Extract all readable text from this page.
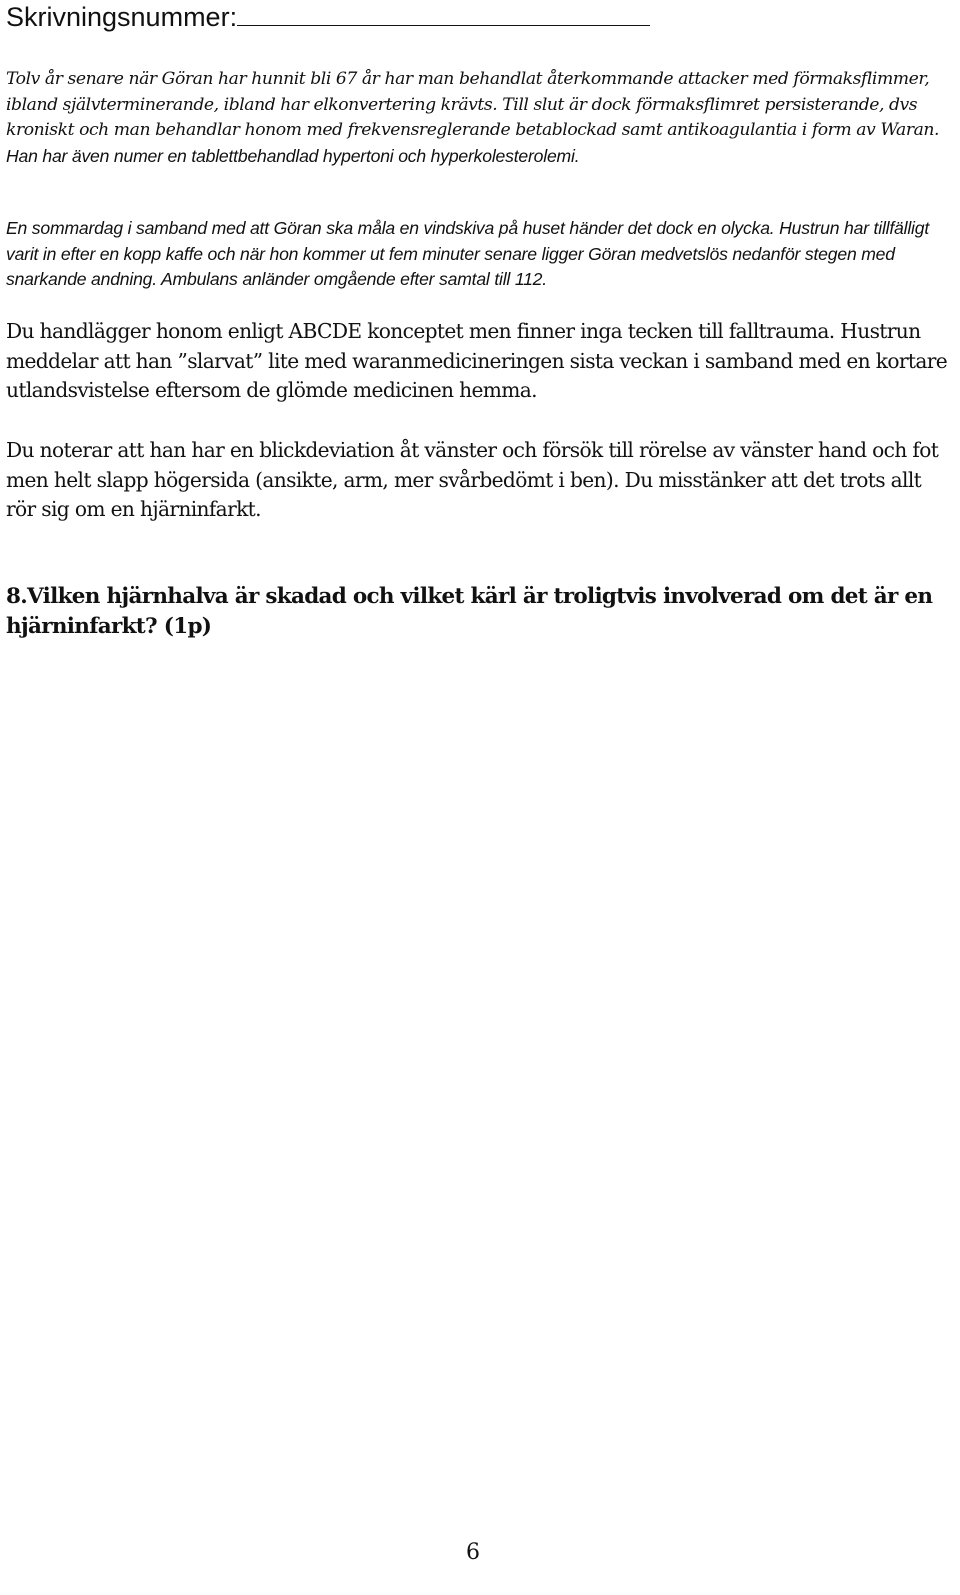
Skrivningsnummer:

Tolv år senare när Göran har hunnit bli 67 år har man behandlat återkommande attacker med förmaksflimmer, ibland självterminerande, ibland har elkonvertering krävts. Till slut är dock förmaksflimret persisterande, dvs kroniskt och man behandlar honom med frekvensreglerande betablockad samt antikoagulantia i form av Waran. Han har även numer en tablettbehandlad hypertoni och hyperkolesterolemi.

En sommardag i samband med att Göran ska måla en vindskiva på huset händer det dock en olycka. Hustrun har tillfälligt varit in efter en kopp kaffe och när hon kommer ut fem minuter senare ligger Göran medvetslös nedanför stegen med snarkande andning. Ambulans anländer omgående efter samtal till 112.

Du handlägger honom enligt ABCDE konceptet men finner inga tecken till falltrauma. Hustrun meddelar att han ”slarvat” lite med waranmedicineringen sista veckan i samband med en kortare utlandsvistelse eftersom de glömde medicinen hemma.

Du noterar att han har en blickdeviation åt vänster och försök till rörelse av vänster hand och fot men helt slapp högersida (ansikte, arm, mer svårbedömt i ben). Du misstänker att det trots allt rör sig om en hjärninfarkt.

8.Vilken hjärnhalva är skadad och vilket kärl är troligtvis involverad om det är en hjärninfarkt? (1p)

6
